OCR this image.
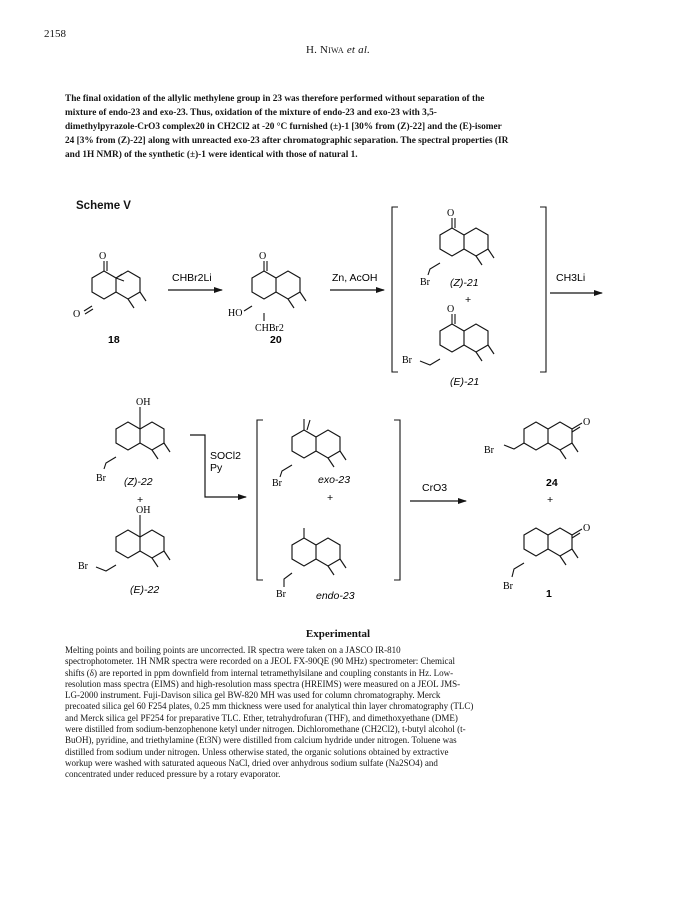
2158
H. Niwa et al.
The final oxidation of the allylic methylene group in 23 was therefore performed without separation of the
mixture of endo-23 and exo-23. Thus, oxidation of the mixture of endo-23 and exo-23 with 3,5-
dimethylpyrazole-CrO3 complex20 in CH2Cl2 at -20 °C furnished (±)-1 [30% from (Z)-22] and the (E)-isomer
24 [3% from (Z)-22] along with unreacted exo-23 after chromatographic separation. The spectral properties (IR
and 1H NMR) of the synthetic (±)-1 were identical with those of natural 1.
Scheme V
O
O
18
CHBr2Li
O
HO
CHBr2
20
Zn, AcOH
O
Br (Z)-21
+
O
Br
(E)-21
CH3Li
OH
Br (Z)-22
+
OH
Br
(E)-22
SOCl2
Py
Br	exo-23
+
Br	endo-23
CrO3
O
Br
24
+
O
Br
1
Experimental
Melting points and boiling points are uncorrected. IR spectra were taken on a JASCO IR-810
spectrophotometer. 1H NMR spectra were recorded on a JEOL FX-90QE (90 MHz) spectrometer: Chemical
shifts (δ) are reported in ppm downfield from internal tetramethylsilane and coupling constants in Hz. Low-
resolution mass spectra (EIMS) and high-resolution mass spectra (HREIMS) were measured on a JEOL JMS-
LG-2000 instrument. Fuji-Davison silica gel BW-820 MH was used for column chromatography. Merck
precoated silica gel 60 F254 plates, 0.25 mm thickness were used for analytical thin layer chromatography (TLC)
and Merck silica gel PF254 for preparative TLC. Ether, tetrahydrofuran (THF), and dimethoxyethane (DME)
were distilled from sodium-benzophenone ketyl under nitrogen. Dichloromethane (CH2Cl2), t-butyl alcohol (t-
BuOH), pyridine, and triethylamine (Et3N) were distilled from calcium hydride under nitrogen. Toluene was
distilled from sodium under nitrogen. Unless otherwise stated, the organic solutions obtained by extractive
workup were washed with saturated aqueous NaCl, dried over anhydrous sodium sulfate (Na2SO4) and
concentrated under reduced pressure by a rotary evaporator.
